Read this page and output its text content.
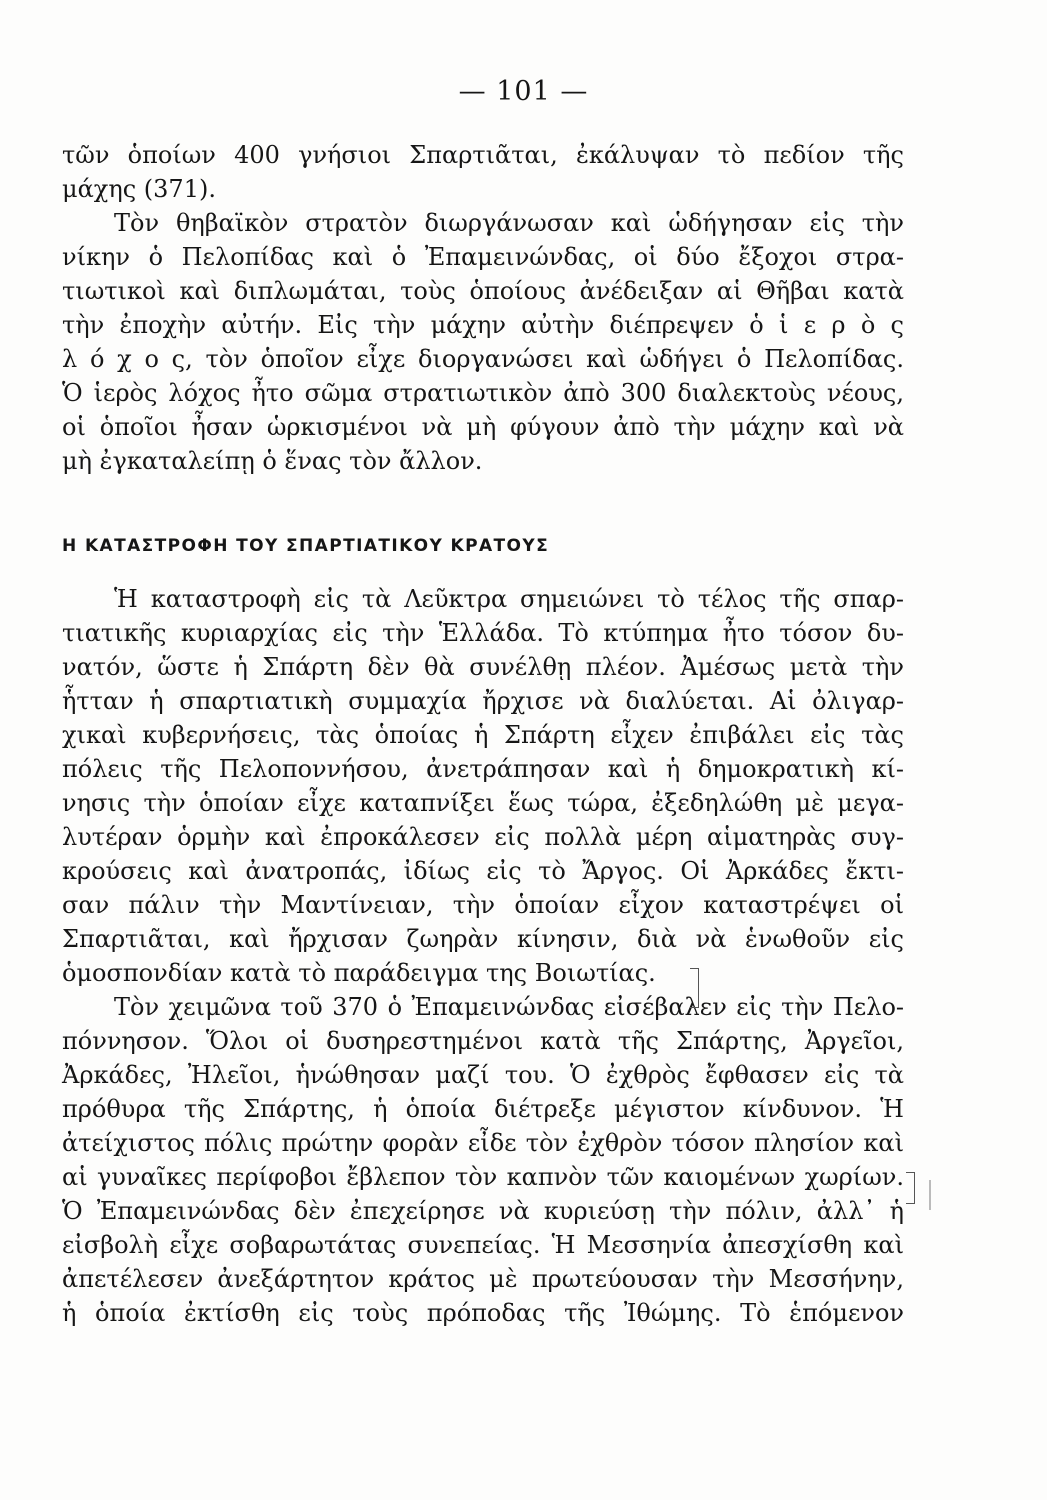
— 101 —
τῶν ὁποίων 400 γνήσιοι Σπαρτιᾶται, ἐκάλυψαν τὸ πεδίον τῆς
μάχης (371).
Τὸν θηβαϊκὸν στρατὸν διωργάνωσαν καὶ ὡδήγησαν εἰς τὴν
νίκην ὁ Πελοπίδας καὶ ὁ Ἐπαμεινώνδας, οἱ δύο ἔξοχοι στρα-
τιωτικοὶ καὶ διπλωμάται, τοὺς ὁποίους ἀνέδειξαν αἱ Θῆβαι κατὰ
τὴν ἐποχὴν αὐτήν. Εἰς τὴν μάχην αὐτὴν διέπρεψεν ὁ ἱ ε ρ ὸ ς
λ ό χ ο ς, τὸν ὁποῖον εἶχε διοργανώσει καὶ ὡδήγει ὁ Πελοπίδας.
Ὁ ἱερὸς λόχος ἦτο σῶμα στρατιωτικὸν ἀπὸ 300 διαλεκτοὺς νέους,
οἱ ὁποῖοι ἦσαν ὡρκισμένοι νὰ μὴ φύγουν ἀπὸ τὴν μάχην καὶ νὰ
μὴ ἐγκαταλείπῃ ὁ ἕνας τὸν ἄλλον.
Η ΚΑΤΑΣΤΡΟΦΗ ΤΟΥ ΣΠΑΡΤΙΑΤΙΚΟΥ ΚΡΑΤΟΥΣ
Ἡ καταστροφὴ εἰς τὰ Λεῦκτρα σημειώνει τὸ τέλος τῆς σπαρ-
τιατικῆς κυριαρχίας εἰς τὴν Ἑλλάδα. Τὸ κτύπημα ἦτο τόσον δυ-
νατόν, ὥστε ἡ Σπάρτη δὲν θὰ συνέλθῃ πλέον. Ἀμέσως μετὰ τὴν
ἧτταν ἡ σπαρτιατικὴ συμμαχία ἤρχισε νὰ διαλύεται. Αἱ ὀλιγαρ-
χικαὶ κυβερνήσεις, τὰς ὁποίας ἡ Σπάρτη εἶχεν ἐπιβάλει εἰς τὰς
πόλεις τῆς Πελοποννήσου, ἀνετράπησαν καὶ ἡ δημοκρατικὴ κί-
νησις τὴν ὁποίαν εἶχε καταπνίξει ἕως τώρα, ἐξεδηλώθη μὲ μεγα-
λυτέραν ὁρμὴν καὶ ἐπροκάλεσεν εἰς πολλὰ μέρη αἱματηρὰς συγ-
κρούσεις καὶ ἀνατροπάς, ἰδίως εἰς τὸ Ἄργος. Οἱ Ἀρκάδες ἔκτι-
σαν πάλιν τὴν Μαντίνειαν, τὴν ὁποίαν εἶχον καταστρέψει οἱ
Σπαρτιᾶται, καὶ ἤρχισαν ζωηρὰν κίνησιν, διὰ νὰ ἑνωθοῦν εἰς
ὁμοσπονδίαν κατὰ τὸ παράδειγμα της Βοιωτίας.
Τὸν χειμῶνα τοῦ 370 ὁ Ἐπαμεινώνδας εἰσέβαλεν εἰς τὴν Πελο-
πόννησον. Ὅλοι οἱ δυσηρεστημένοι κατὰ τῆς Σπάρτης, Ἀργεῖοι,
Ἀρκάδες, Ἠλεῖοι, ἡνώθησαν μαζί του. Ὁ ἐχθρὸς ἔφθασεν εἰς τὰ
πρόθυρα τῆς Σπάρτης, ἡ ὁποία διέτρεξε μέγιστον κίνδυνον. Ἡ
ἀτείχιστος πόλις πρώτην φορὰν εἶδε τὸν ἐχθρὸν τόσον πλησίον καὶ
αἱ γυναῖκες περίφοβοι ἔβλεπον τὸν καπνὸν τῶν καιομένων χωρίων.
Ὁ Ἐπαμεινώνδας δὲν ἐπεχείρησε νὰ κυριεύσῃ τὴν πόλιν, ἀλλ᾽ ἡ
εἰσβολὴ εἶχε σοβαρωτάτας συνεπείας. Ἡ Μεσσηνία ἀπεσχίσθη καὶ
ἀπετέλεσεν ἀνεξάρτητον κράτος μὲ πρωτεύουσαν τὴν Μεσσήνην,
ἡ ὁποία ἐκτίσθη εἰς τοὺς πρόποδας τῆς Ἰθώμης. Τὸ ἑπόμενον
